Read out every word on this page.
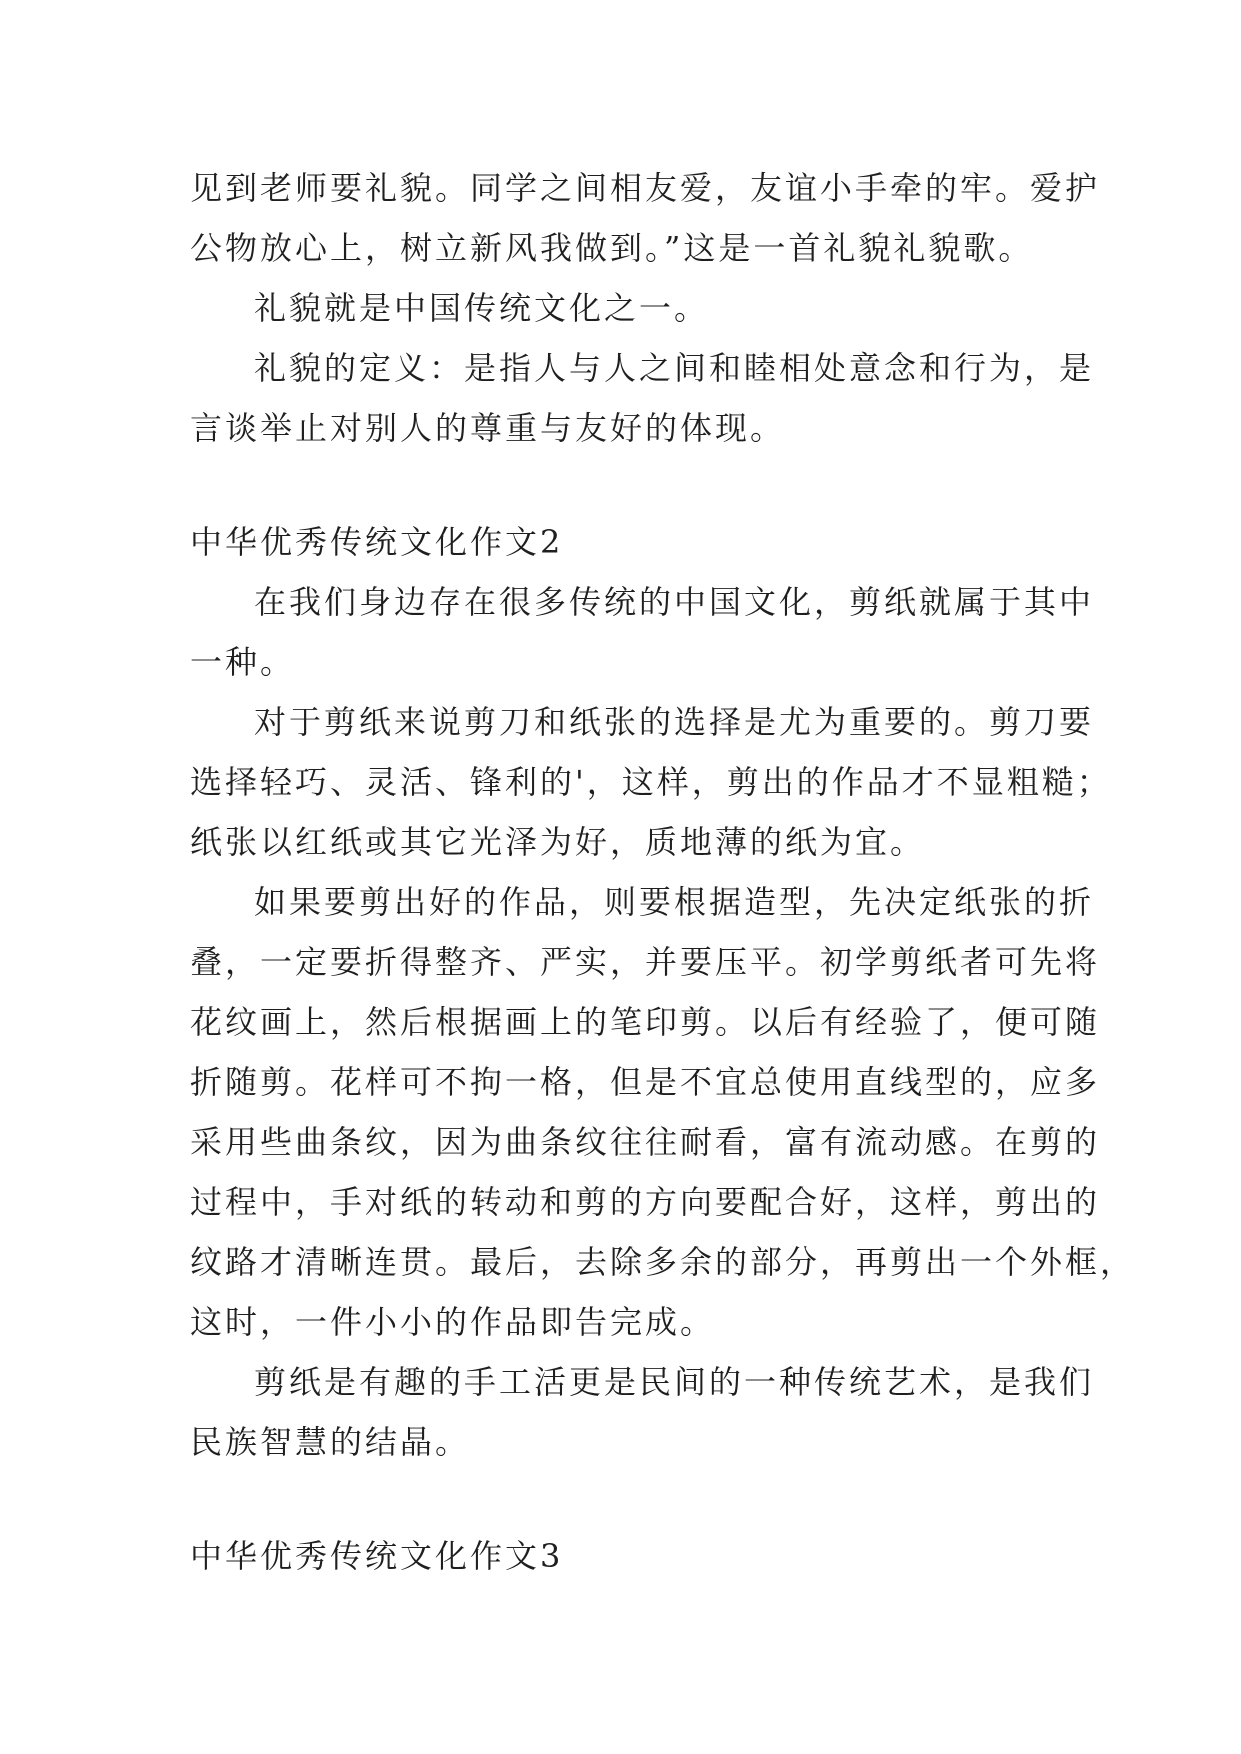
见到老师要礼貌。同学之间相友爱，友谊小手牵的牢。爱护
公物放心上，树立新风我做到。”这是一首礼貌礼貌歌。
礼貌就是中国传统文化之一。
礼貌的定义：是指人与人之间和睦相处意念和行为，是
言谈举止对别人的尊重与友好的体现。
中华优秀传统文化作文2
在我们身边存在很多传统的中国文化，剪纸就属于其中
一种。
对于剪纸来说剪刀和纸张的选择是尤为重要的。剪刀要
选择轻巧、灵活、锋利的'，这样，剪出的作品才不显粗糙；
纸张以红纸或其它光泽为好，质地薄的纸为宜。
如果要剪出好的作品，则要根据造型，先决定纸张的折
叠，一定要折得整齐、严实，并要压平。初学剪纸者可先将
花纹画上，然后根据画上的笔印剪。以后有经验了，便可随
折随剪。花样可不拘一格，但是不宜总使用直线型的，应多
采用些曲条纹，因为曲条纹往往耐看，富有流动感。在剪的
过程中，手对纸的转动和剪的方向要配合好，这样，剪出的
纹路才清晰连贯。最后，去除多余的部分，再剪出一个外框，
这时，一件小小的作品即告完成。
剪纸是有趣的手工活更是民间的一种传统艺术，是我们
民族智慧的结晶。
中华优秀传统文化作文3
